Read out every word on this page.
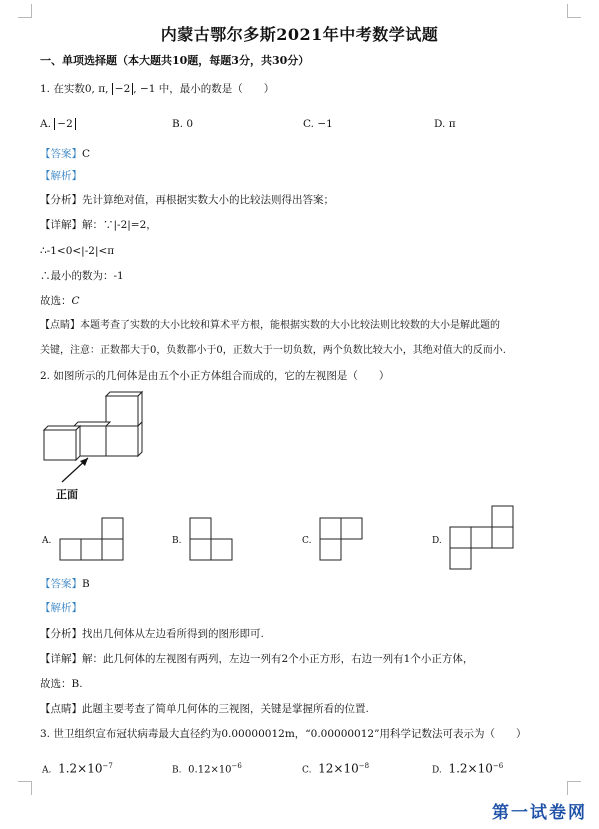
内蒙古鄂尔多斯2021年中考数学试题
一、单项选择题（本大题共10题，每题3分，共30分）
1. 在实数0, π, −2 , −1 中，最小的数是（　　）
A. −2	B. 0	C. −1	D. π
【答案】C
【解析】
【分析】先计算绝对值，再根据实数大小的比较法则得出答案；
【详解】解：∵|-2|=2，
∴-1<0<|-2|<π
∴最小的数为：-1
故选：C
【点睛】本题考查了实数的大小比较和算术平方根，能根据实数的大小比较法则比较数的大小是解此题的
关键，注意：正数都大于0，负数都小于0，正数大于一切负数，两个负数比较大小，其绝对值大的反而小.
2. 如图所示的几何体是由五个小正方体组合而成的，它的左视图是（　　）
正面
A.	B.	C.	D.
【答案】B
【解析】
【分析】找出几何体从左边看所得到的图形即可.
【详解】解：此几何体的左视图有两列，左边一列有2个小正方形，右边一列有1个小正方体，
故选：B.
【点睛】此题主要考查了简单几何体的三视图，关键是掌握所看的位置.
3. 世卫组织宣布冠状病毒最大直径约为0.00000012m，“0.00000012”用科学记数法可表示为（　　）
A. $1.2\times 10^{-7}$	B. $0.12\times 10^{-6}$	C. $12\times 10^{-8}$	D. $1.2\times 10^{-6}$
第一试卷网
